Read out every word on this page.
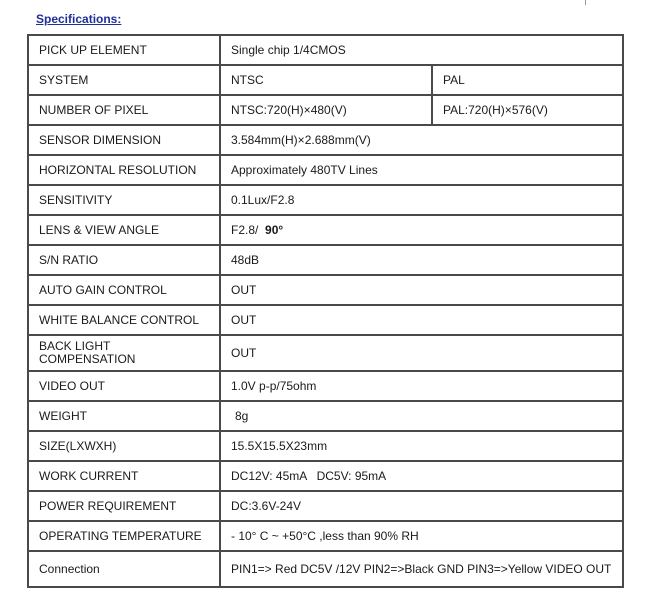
Specifications:
PICK UP ELEMENT	Single chip 1/4CMOS	
SYSTEM	NTSC	PAL
NUMBER OF PIXEL	NTSC:720(H)×480(V)	PAL:720(H)×576(V)
SENSOR DIMENSION	3.584mm(H)×2.688mm(V)	
HORIZONTAL RESOLUTION	Approximately 480TV Lines	
SENSITIVITY	0.1Lux/F2.8	
LENS & VIEW ANGLE	F2.8/ 90°	
S/N RATIO	48dB	
AUTO GAIN CONTROL	OUT	
WHITE BALANCE CONTROL	OUT	
BACK LIGHT COMPENSATION	OUT	
VIDEO OUT	1.0V p-p/75ohm	
WEIGHT	8g	
SIZE(LXWXH)	15.5X15.5X23mm	
WORK CURRENT	DC12V: 45mA   DC5V: 95mA	
POWER REQUIREMENT	DC:3.6V-24V	
OPERATING TEMPERATURE	- 10° C ~ +50°C ,less than 90% RH	
Connection	PIN1=> Red DC5V /12V PIN2=>Black GND PIN3=>Yellow VIDEO OUT	
